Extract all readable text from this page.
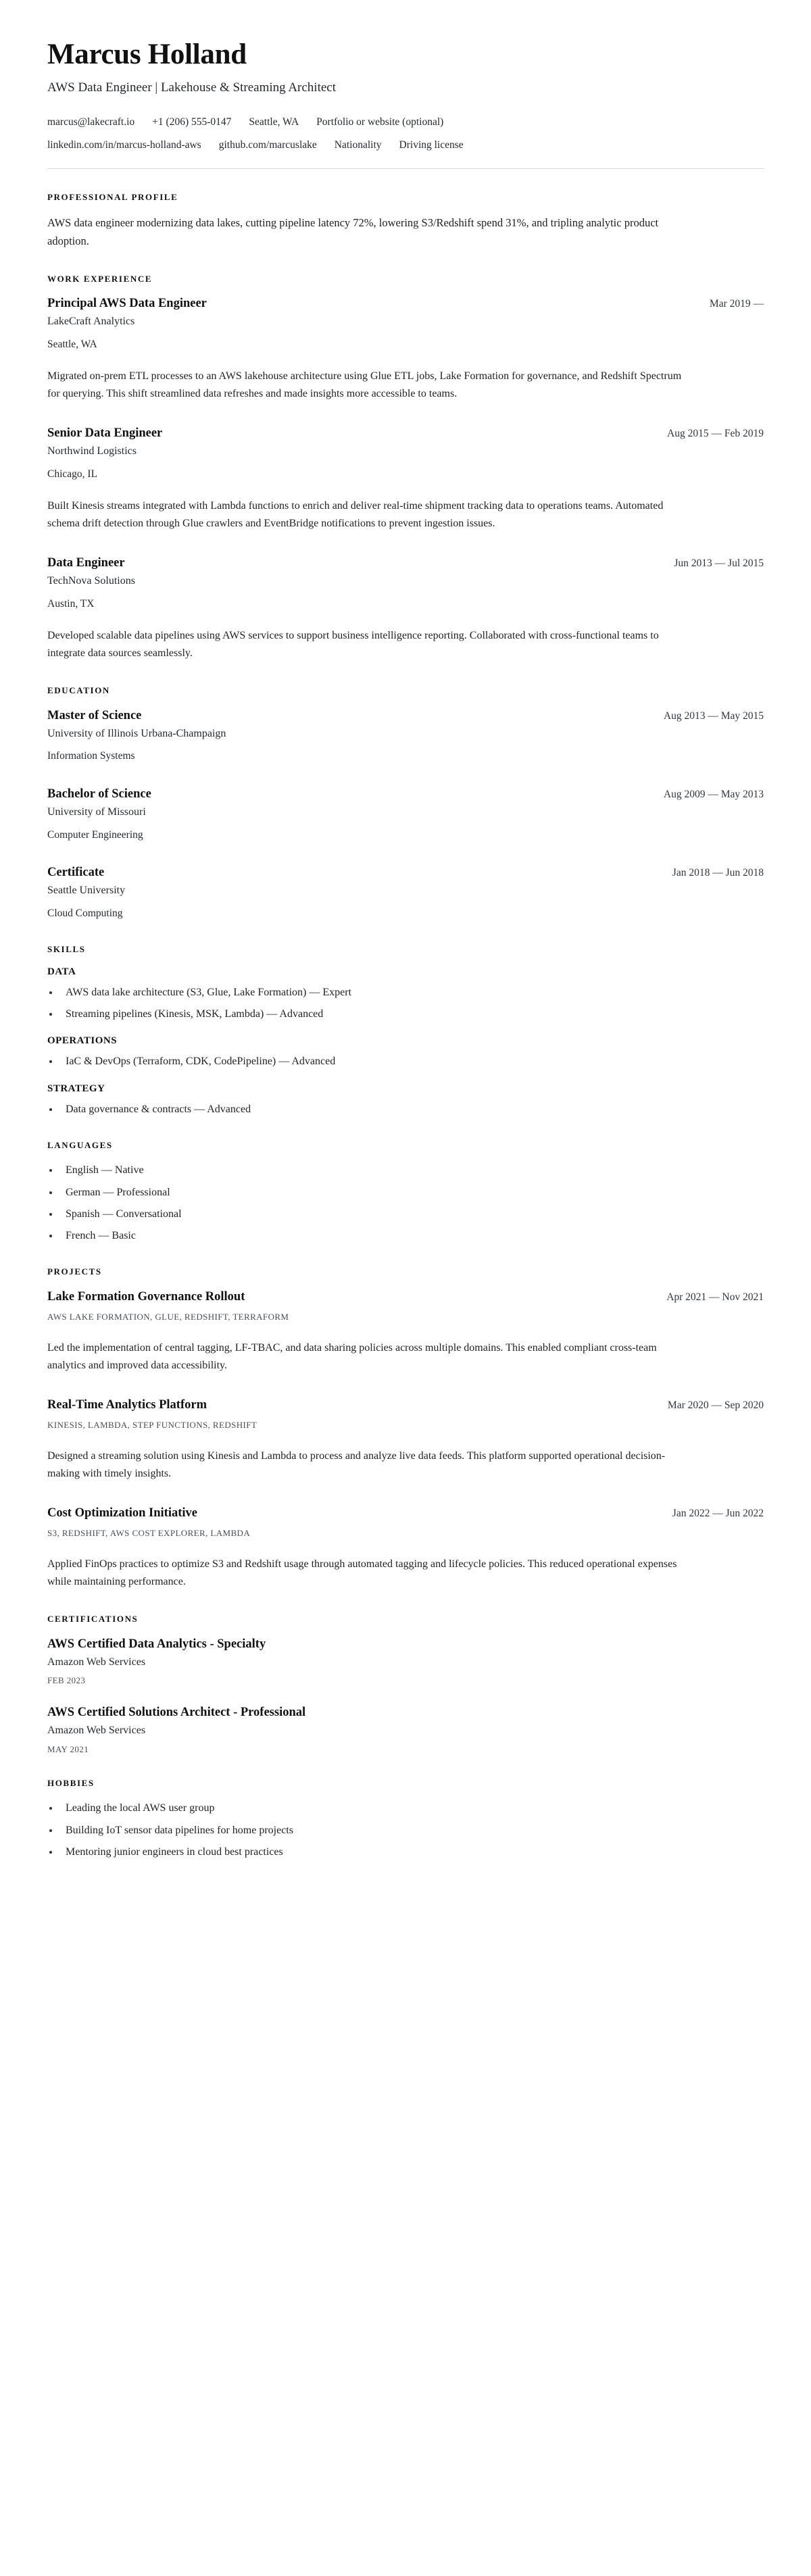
Marcus Holland
AWS Data Engineer | Lakehouse & Streaming Architect
marcus@lakecraft.io +1 (206) 555-0147 Seattle, WA Portfolio or website (optional)
linkedin.com/in/marcus-holland-aws github.com/marcuslake Nationality Driving license
PROFESSIONAL PROFILE

AWS data engineer modernizing data lakes, cutting pipeline latency 72%, lowering S3/Redshift spend 31%, and tripling analytic product adoption.

WORK EXPERIENCE
Principal AWS Data Engineer	Mar 2019 —
LakeCraft Analytics
Seattle, WA
Migrated on-prem ETL processes to an AWS lakehouse architecture using Glue ETL jobs, Lake Formation for governance, and Redshift Spectrum for querying. This shift streamlined data refreshes and made insights more accessible to teams.
Senior Data Engineer	Aug 2015 — Feb 2019
Northwind Logistics
Chicago, IL
Built Kinesis streams integrated with Lambda functions to enrich and deliver real-time shipment tracking data to operations teams. Automated schema drift detection through Glue crawlers and EventBridge notifications to prevent ingestion issues.
Data Engineer	Jun 2013 — Jul 2015
TechNova Solutions
Austin, TX
Developed scalable data pipelines using AWS services to support business intelligence reporting. Collaborated with cross-functional teams to integrate data sources seamlessly.
EDUCATION
Master of Science	Aug 2013 — May 2015
University of Illinois Urbana-Champaign
Information Systems
Bachelor of Science	Aug 2009 — May 2013
University of Missouri
Computer Engineering
Certificate	Jan 2018 — Jun 2018
Seattle University
Cloud Computing
SKILLS
DATA
AWS data lake architecture (S3, Glue, Lake Formation) — Expert
Streaming pipelines (Kinesis, MSK, Lambda) — Advanced
OPERATIONS
IaC & DevOps (Terraform, CDK, CodePipeline) — Advanced
STRATEGY
Data governance & contracts — Advanced
LANGUAGES
English — Native
German — Professional
Spanish — Conversational
French — Basic
PROJECTS
Lake Formation Governance Rollout	Apr 2021 — Nov 2021
AWS LAKE FORMATION, GLUE, REDSHIFT, TERRAFORM
Led the implementation of central tagging, LF-TBAC, and data sharing policies across multiple domains. This enabled compliant cross-team analytics and improved data accessibility.
Real-Time Analytics Platform	Mar 2020 — Sep 2020
KINESIS, LAMBDA, STEP FUNCTIONS, REDSHIFT
Designed a streaming solution using Kinesis and Lambda to process and analyze live data feeds. This platform supported operational decision-making with timely insights.
Cost Optimization Initiative	Jan 2022 — Jun 2022
S3, REDSHIFT, AWS COST EXPLORER, LAMBDA
Applied FinOps practices to optimize S3 and Redshift usage through automated tagging and lifecycle policies. This reduced operational expenses while maintaining performance.
CERTIFICATIONS
AWS Certified Data Analytics - Specialty
Amazon Web Services
FEB 2023
AWS Certified Solutions Architect - Professional
Amazon Web Services
MAY 2021
HOBBIES
Leading the local AWS user group
Building IoT sensor data pipelines for home projects
Mentoring junior engineers in cloud best practices
